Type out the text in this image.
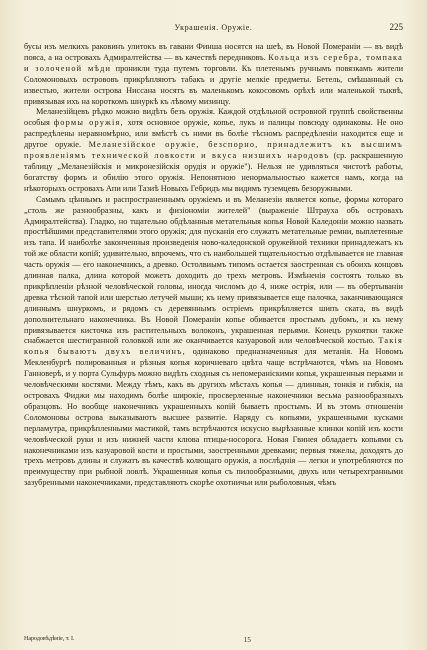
Украшенія. Оружіе.	225

бусы изъ мелкихъ раковинъ улитокъ въ гавани Финша носятся на шеѣ, въ Новой Помераніи — въ видѣ пояса, а на островахъ Адмиралтейства — въ качествѣ передниковъ. Кольца изъ серебра, томпака и золоченой мѣди проникли туда путемъ торговли. Къ плетенымъ ручнымъ повязкамъ жители Соломоновыхъ острововъ прикрѣпляютъ табакъ и другіе мелкіе предметы. Бетель, смѣшанный съ известью, жители острова Ниссана носятъ въ маленькомъ кокосовомъ орѣхѣ или маленькой тыквѣ, привязывая ихъ на короткомъ шнуркѣ къ лѣвому мизинцу.

Меланезійцевъ рѣдко можно видѣть безъ оружія. Каждой отдѣльной островной группѣ свойственны особыя формы оружія, хотя основное оружіе, копье, лукъ и палицы повсюду одинаковы. Не оно распредѣлены неравномѣрно, или вмѣстѣ съ ними въ болѣе тѣсномъ распредѣленіи находится еще и другое оружіе. Меланезійское оружіе, безспорно, принадлежитъ къ высшимъ проявленіямъ технической ловкости и вкуса низшихъ народовъ (ср. раскрашенную таблицу „Меланезійскія и микронезійскія орудія и оружіе"). Нельзя не удивляться чистотѣ работы, богатству формъ и обилію этого оружія. Непонятною ненормальностью кажется намъ, когда на нѣкоторыхъ островахъ Апи или Тазиѣ Новыхъ Гебридъ мы видимъ туземцевъ безоружными.

Самымъ цѣннымъ и распространеннымъ оружіемъ и въ Меланезіи является копье, формы котораго „столь же разнообразны, какъ и физіономіи жителей" (выраженіе Штрауха объ островахъ Адмиралтейства). Гладко, но тщательно обдѣланныя метательныя копья Новой Каледоніи можно назвать простѣйшими представителями этого оружія; для пусканія его служатъ метательные ремни, выплетенные изъ тапа. И наиболѣе законченныя произведенія ново-каледонской оружейной техники принадлежатъ къ той же области копій; удивительно, впрочемъ, что съ наибольшей тщательностью отдѣлывается не главная часть оружія — его наконечникъ, а древко. Остолвиымъ типомъ остается заостренная съ обоихъ концовъ длинная палка, длина которой можетъ доходить до трехъ метровъ. Измѣненія состоятъ только въ прикрѣпленіи рѣзной человѣческой головы, иногда числомъ до 4, ниже острія, или — въ обертываніи древка тѣсной тапой или шерстью летучей мыши; къ нему привязывается еще палочка, заканчивающаяся длиннымъ шнуркомъ, и рядомъ съ деревяннымъ остріемъ прикрѣпляется шипъ ската, въ видѣ дополнительнаго наконечника. Въ Новой Помераніи копье обивается простымъ дубомъ, и къ нему привязывается кисточка изъ растительныхъ волоконъ, украшенная перьями. Конецъ рукоятки также снабжается шестигранной головкой или же оканчивается казуаровой или человѣческой костью. Такія копья бываютъ двухъ величинъ, одинаково предназначенныя для метанія. На Новомъ Мекленбургѣ полированныя и рѣзныя копья коричневаго цвѣта чаще встрѣчаются, чѣмъ на Новомъ Ганноверѣ, и у порта Сульфуръ можно видѣть сходныя съ непомераніскими копья, украшенныя перьями и человѣческими костями. Между тѣмъ, какъ въ другихъ мѣстахъ копья — длинныя, тонкія и гибкія, на островахъ Фиджи мы находимъ болѣе широкіе, просверленные наконечники весьма разнообразныхъ образцовъ. Но вообще наконечникъ украшенныхъ копій бываетъ простымъ. И въ этомъ отношеніи Соломоновы острова выказываютъ высшее развитіе. Наряду съ копьями, украшенными кусками перламутра, прикрѣпленными мастикой, тамъ встрѣчаются искусно вырѣзанные клинки копій изъ кости человѣческой руки и изъ нижней части клюва птицы-носорога. Новая Гвинея обладаетъ копьями съ наконечниками изъ казуаровой кости и простыми, заостренными древками; первыя тяжелы, доходятъ до трехъ метровъ длины и служатъ въ качествѣ колющаго оружія, а послѣднія — легки и употребляются по преимуществу при рыбной ловлѣ. Украшенныя копья съ пилообразными, двухъ или четырехгранными зазубренными наконечниками, представляютъ скорѣе охотничьи или рыболовныя, чѣмъ

Народовѣдѣніе, т. I.	15
